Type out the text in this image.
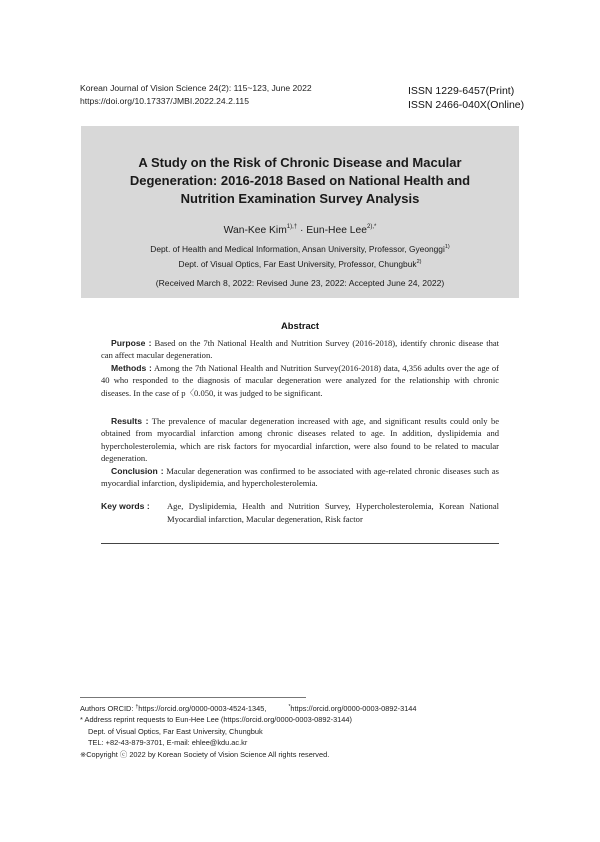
Korean Journal of Vision Science 24(2): 115~123, June 2022
https://doi.org/10.17337/JMBI.2022.24.2.115
ISSN 1229-6457(Print)
ISSN 2466-040X(Online)
A Study on the Risk of Chronic Disease and Macular
Degeneration: 2016-2018 Based on National Health and
Nutrition Examination Survey Analysis
Wan-Kee Kim$^{1),\dagger}$ · Eun-Hee Lee$^{2),*}$
Dept. of Health and Medical Information, Ansan University, Professor, Gyeonggi$^{1)}$
Dept. of Visual Optics, Far East University, Professor, Chungbuk$^{2)}$
(Received March 8, 2022: Revised June 23, 2022: Accepted June 24, 2022)
Abstract
Purpose : Based on the 7th National Health and Nutrition Survey (2016-2018), identify chronic disease that can affect macular degeneration.
Methods : Among the 7th National Health and Nutrition Survey(2016-2018) data, 4,356 adults over the age of 40 who responded to the diagnosis of macular degeneration were analyzed for the relationship with chronic diseases. In the case of p〈0.050, it was judged to be significant.
Results : The prevalence of macular degeneration increased with age, and significant results could only be obtained from myocardial infarction among chronic diseases related to age. In addition, dyslipidemia and hypercholesterolemia, which are risk factors for myocardial infarction, were also found to be related to macular degeneration.
Conclusion : Macular degeneration was confirmed to be associated with age-related chronic diseases such as myocardial infarction, dyslipidemia, and hypercholesterolemia.
Key words : Age, Dyslipidemia, Health and Nutrition Survey, Hypercholesterolemia, Korean National Myocardial infarction, Macular degeneration, Risk factor
Authors ORCID: †https://orcid.org/0000-0003-4524-1345,	*https://orcid.org/0000-0003-0892-3144
* Address reprint requests to Eun-Hee Lee (https://orcid.org/0000-0003-0892-3144)
Dept. of Visual Optics, Far East University, Chungbuk
TEL: +82-43-879-3701, E-mail: ehlee@kdu.ac.kr
※Copyright ⓒ 2022 by Korean Society of Vision Science All rights reserved.
